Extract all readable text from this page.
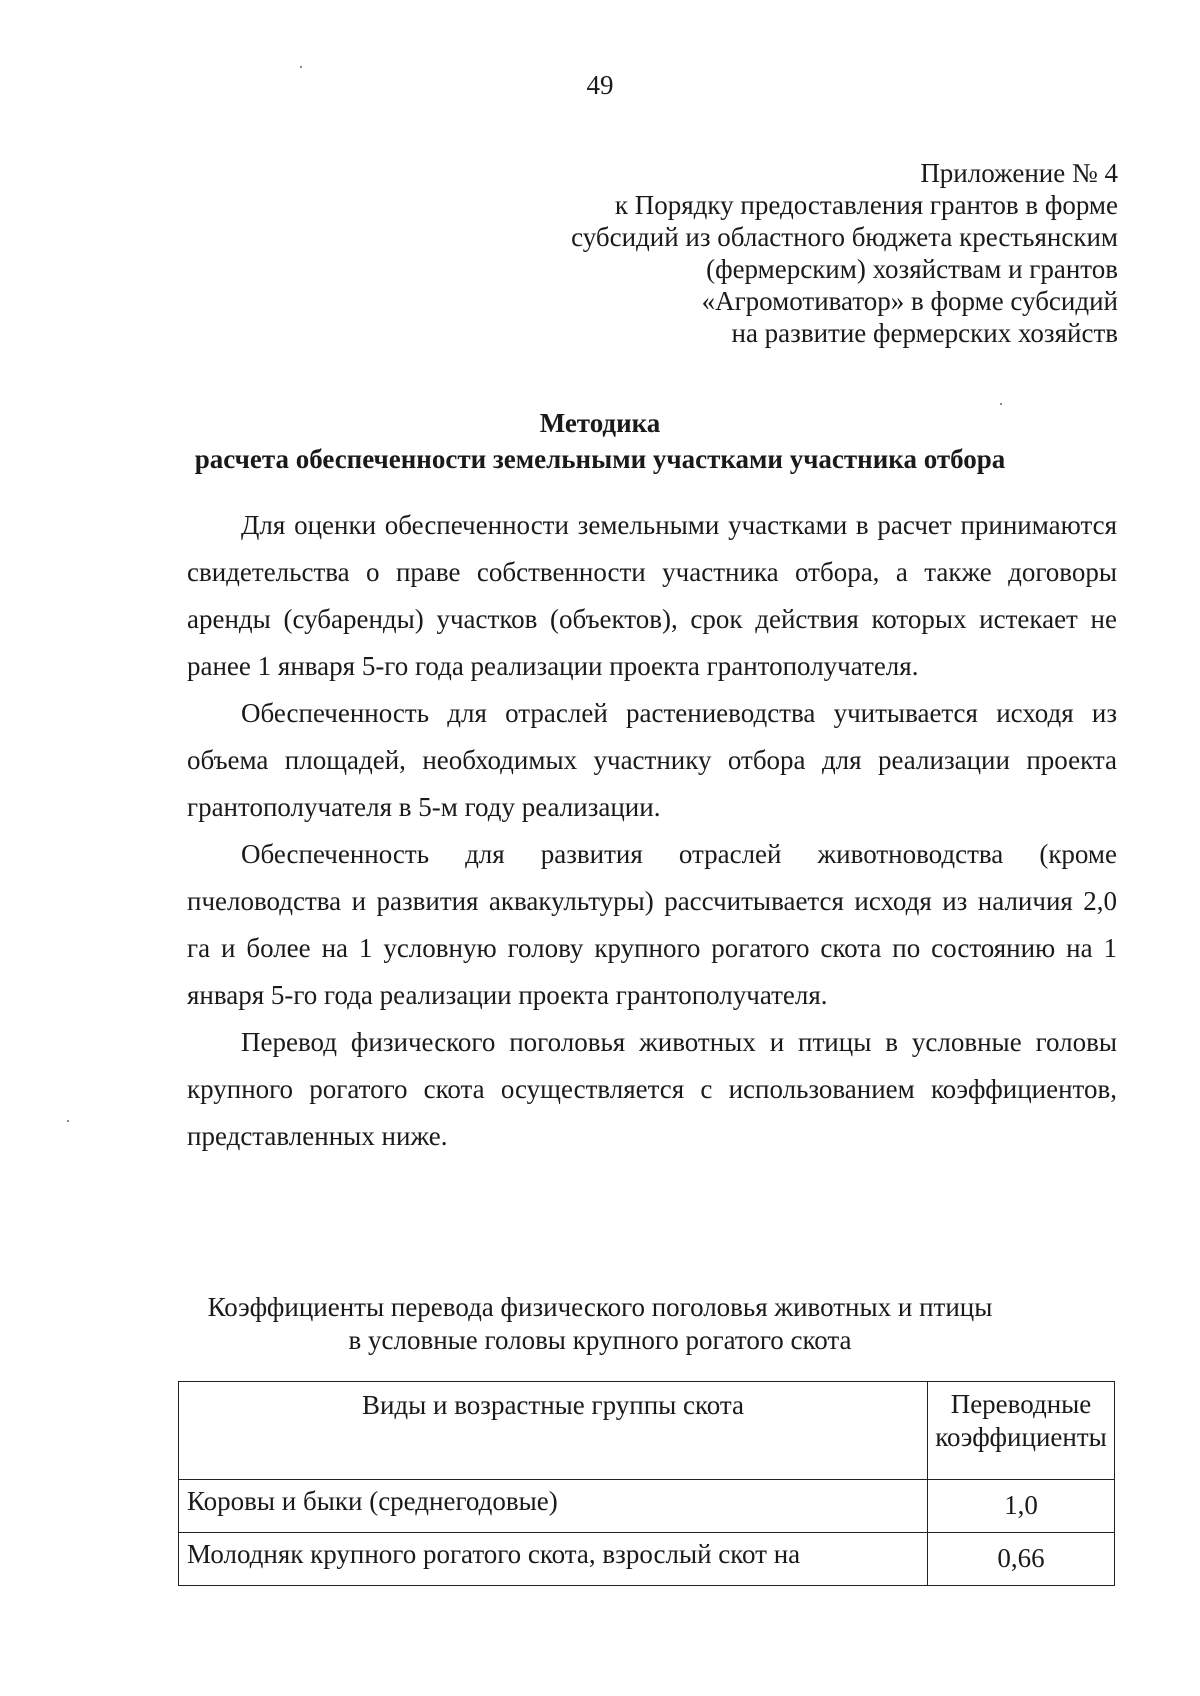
49
Приложение № 4
к Порядку предоставления грантов в форме
субсидий из областного бюджета крестьянским
(фермерским) хозяйствам и грантов
«Агромотиватор» в форме субсидий
на развитие фермерских хозяйств
Методика
расчета обеспеченности земельными участками участника отбора

Для оценки обеспеченности земельными участками в расчет принимаются свидетельства о праве собственности участника отбора, а также договоры аренды (субаренды) участков (объектов), срок действия которых истекает не ранее 1 января 5-го года реализации проекта грантополучателя.

Обеспеченность для отраслей растениеводства учитывается исходя из объема площадей, необходимых участнику отбора для реализации проекта грантополучателя в 5-м году реализации.

Обеспеченность для развития отраслей животноводства (кроме пчеловодства и развития аквакультуры) рассчитывается исходя из наличия 2,0 га и более на 1 условную голову крупного рогатого скота по состоянию на 1 января 5-го года реализации проекта грантополучателя.

Перевод физического поголовья животных и птицы в условные головы крупного рогатого скота осуществляется с использованием коэффициентов, представленных ниже.

Коэффициенты перевода физического поголовья животных и птицы
в условные головы крупного рогатого скота
Виды и возрастные группы скота	Переводные
коэффициенты

Коровы и быки (среднегодовые)	1,0
Молодняк крупного рогатого скота, взрослый скот на	0,66
